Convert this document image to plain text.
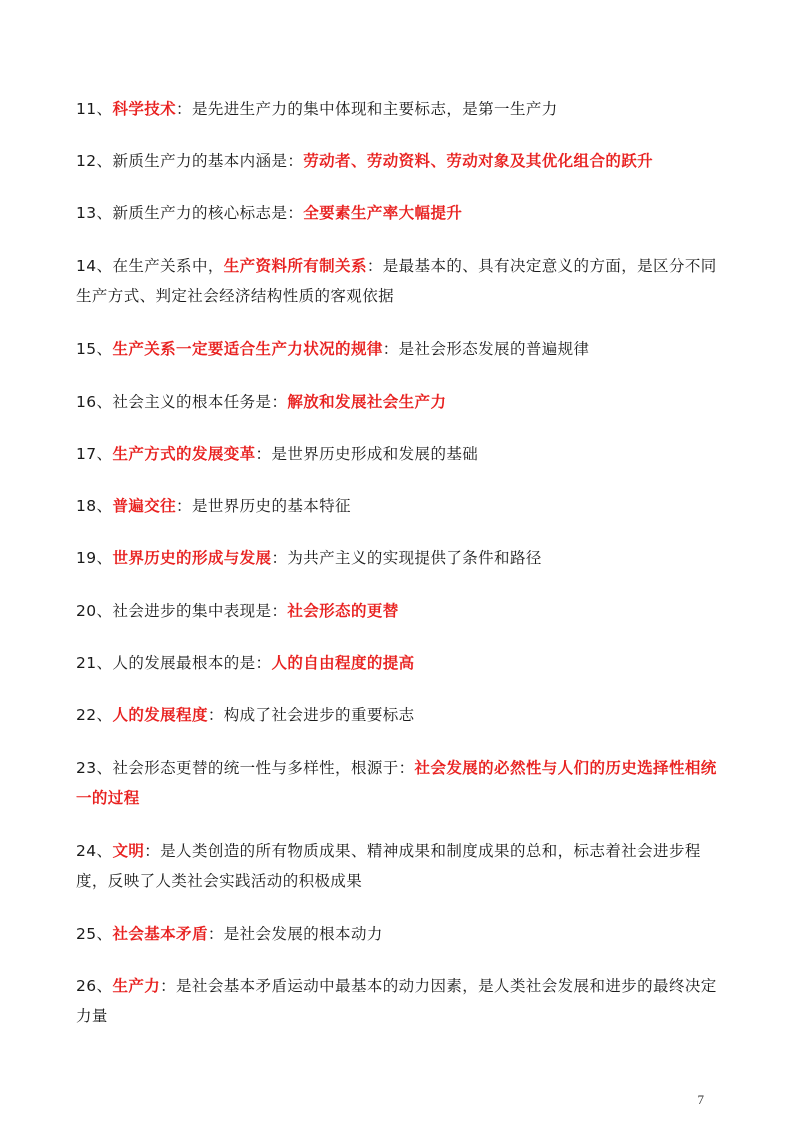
11、科学技术：是先进生产力的集中体现和主要标志，是第一生产力
12、新质生产力的基本内涵是：劳动者、劳动资料、劳动对象及其优化组合的跃升
13、新质生产力的核心标志是：全要素生产率大幅提升
14、在生产关系中，生产资料所有制关系：是最基本的、具有决定意义的方面，是区分不同生产方式、判定社会经济结构性质的客观依据
15、生产关系一定要适合生产力状况的规律：是社会形态发展的普遍规律
16、社会主义的根本任务是：解放和发展社会生产力
17、生产方式的发展变革：是世界历史形成和发展的基础
18、普遍交往：是世界历史的基本特征
19、世界历史的形成与发展：为共产主义的实现提供了条件和路径
20、社会进步的集中表现是：社会形态的更替
21、人的发展最根本的是：人的自由程度的提高
22、人的发展程度：构成了社会进步的重要标志
23、社会形态更替的统一性与多样性，根源于：社会发展的必然性与人们的历史选择性相统一的过程
24、文明：是人类创造的所有物质成果、精神成果和制度成果的总和，标志着社会进步程度，反映了人类社会实践活动的积极成果
25、社会基本矛盾：是社会发展的根本动力
26、生产力：是社会基本矛盾运动中最基本的动力因素，是人类社会发展和进步的最终决定力量
7
